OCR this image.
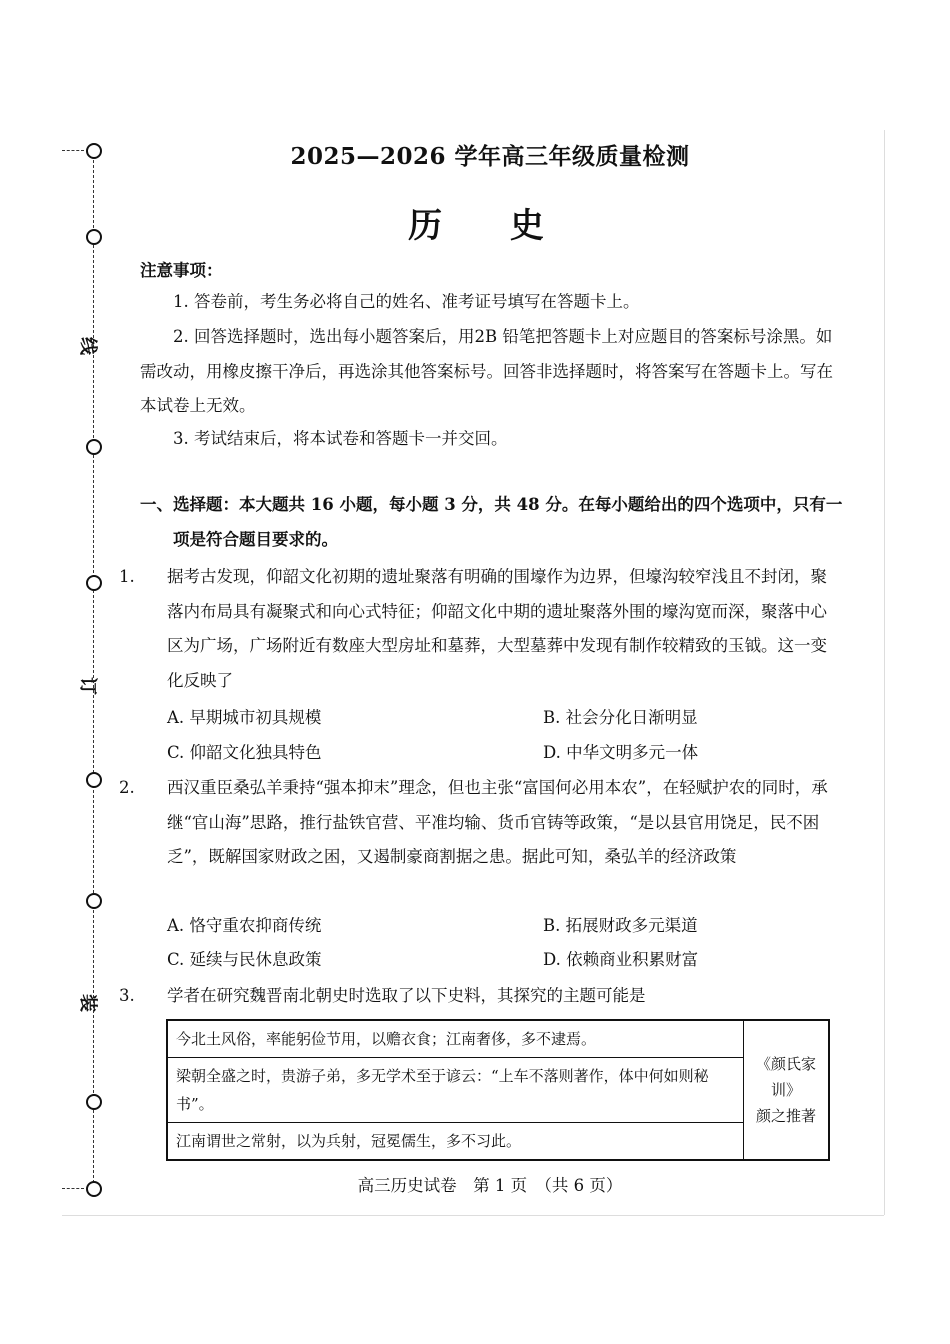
线
订
装
2025—2026 学年高三年级质量检测
历 史
注意事项：
1. 答卷前，考生务必将自己的姓名、准考证号填写在答题卡上。
2. 回答选择题时，选出每小题答案后，用2B 铅笔把答题卡上对应题目的答案标号涂黑。如需改动，用橡皮擦干净后，再选涂其他答案标号。回答非选择题时，将答案写在答题卡上。写在本试卷上无效。
3. 考试结束后，将本试卷和答题卡一并交回。
一、选择题：本大题共 16 小题，每小题 3 分，共 48 分。在每小题给出的四个选项中，只有一项是符合题目要求的。
1. 据考古发现，仰韶文化初期的遗址聚落有明确的围壕作为边界，但壕沟较窄浅且不封闭，聚落内布局具有凝聚式和向心式特征；仰韶文化中期的遗址聚落外围的壕沟宽而深，聚落中心区为广场，广场附近有数座大型房址和墓葬，大型墓葬中发现有制作较精致的玉钺。这一变化反映了
A. 早期城市初具规模	B. 社会分化日渐明显
C. 仰韶文化独具特色	D. 中华文明多元一体
2. 西汉重臣桑弘羊秉持“强本抑末”理念，但也主张“富国何必用本农”，在轻赋护农的同时，承继“官山海”思路，推行盐铁官营、平准均输、货币官铸等政策，“是以县官用饶足，民不困乏”，既解国家财政之困，又遏制豪商割据之患。据此可知，桑弘羊的经济政策
A. 恪守重农抑商传统	B. 拓展财政多元渠道
C. 延续与民休息政策	D. 依赖商业积累财富
3. 学者在研究魏晋南北朝史时选取了以下史料，其探究的主题可能是
今北土风俗，率能躬俭节用，以赡衣食；江南奢侈，多不逮焉。	
《颜氏家训》
颜之推著

梁朝全盛之时，贵游子弟，多无学术至于谚云：“上车不落则著作，体中何如则秘书”。
江南谓世之常射，以为兵射，冠冕儒生，多不习此。
高三历史试卷　第 1 页　（共 6 页）
